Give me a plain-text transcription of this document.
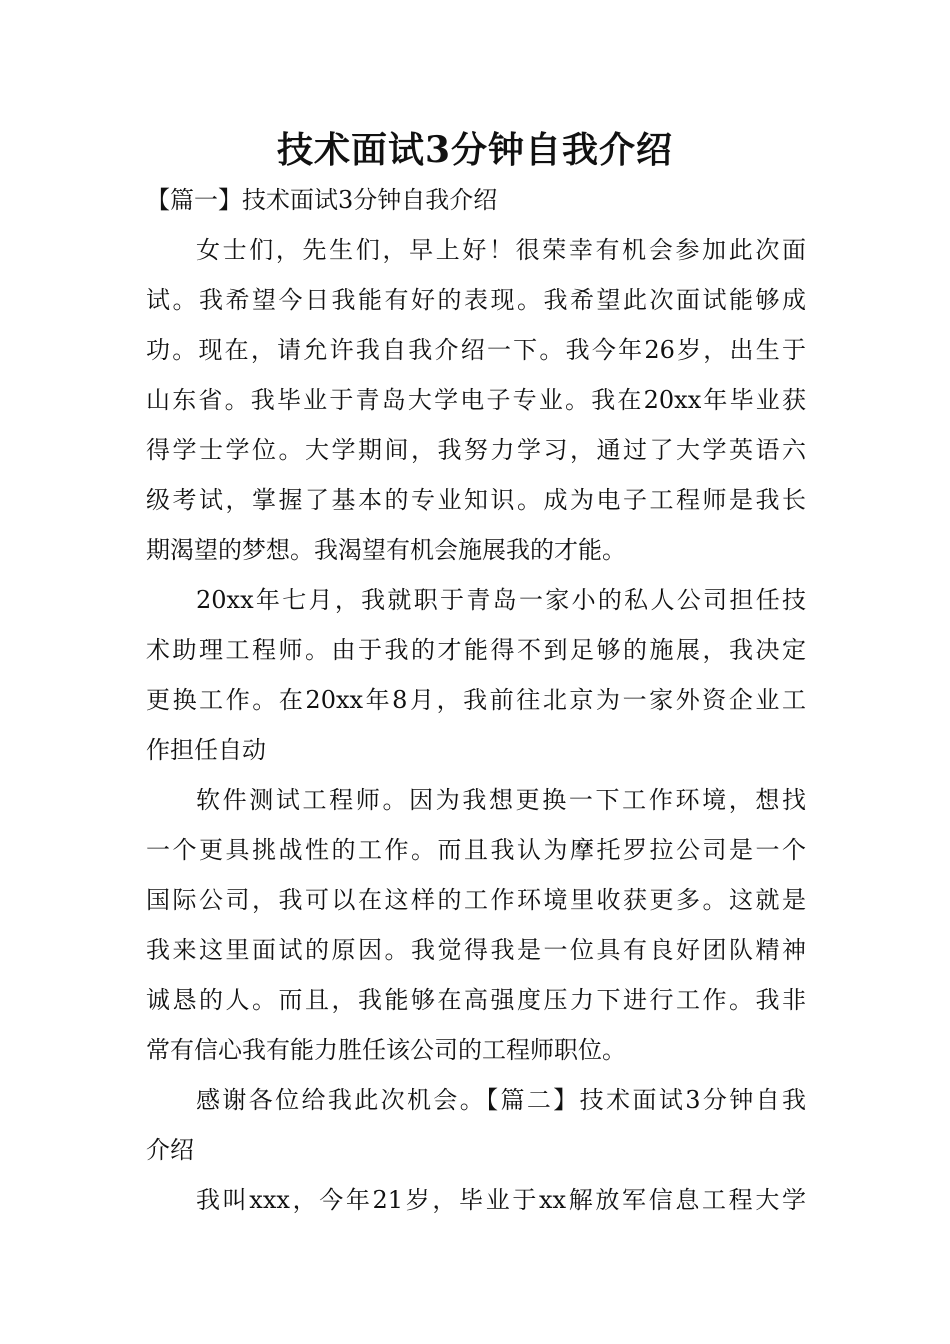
技术面试3分钟自我介绍
【篇一】技术面试3分钟自我介绍
女士们，先生们，早上好！很荣幸有机会参加此次面
试。我希望今日我能有好的表现。我希望此次面试能够成
功。现在，请允许我自我介绍一下。我今年26岁，出生于
山东省。我毕业于青岛大学电子专业。我在20xx年毕业获
得学士学位。大学期间，我努力学习，通过了大学英语六
级考试，掌握了基本的专业知识。成为电子工程师是我长
期渴望的梦想。我渴望有机会施展我的才能。
20xx年七月，我就职于青岛一家小的私人公司担任技
术助理工程师。由于我的才能得不到足够的施展，我决定
更换工作。在20xx年8月，我前往北京为一家外资企业工
作担任自动
软件测试工程师。因为我想更换一下工作环境，想找
一个更具挑战性的工作。而且我认为摩托罗拉公司是一个
国际公司，我可以在这样的工作环境里收获更多。这就是
我来这里面试的原因。我觉得我是一位具有良好团队精神
诚恳的人。而且，我能够在高强度压力下进行工作。我非
常有信心我有能力胜任该公司的工程师职位。
感谢各位给我此次机会。【篇二】技术面试3分钟自我
介绍
我叫xxx，今年21岁，毕业于xx解放军信息工程大学
